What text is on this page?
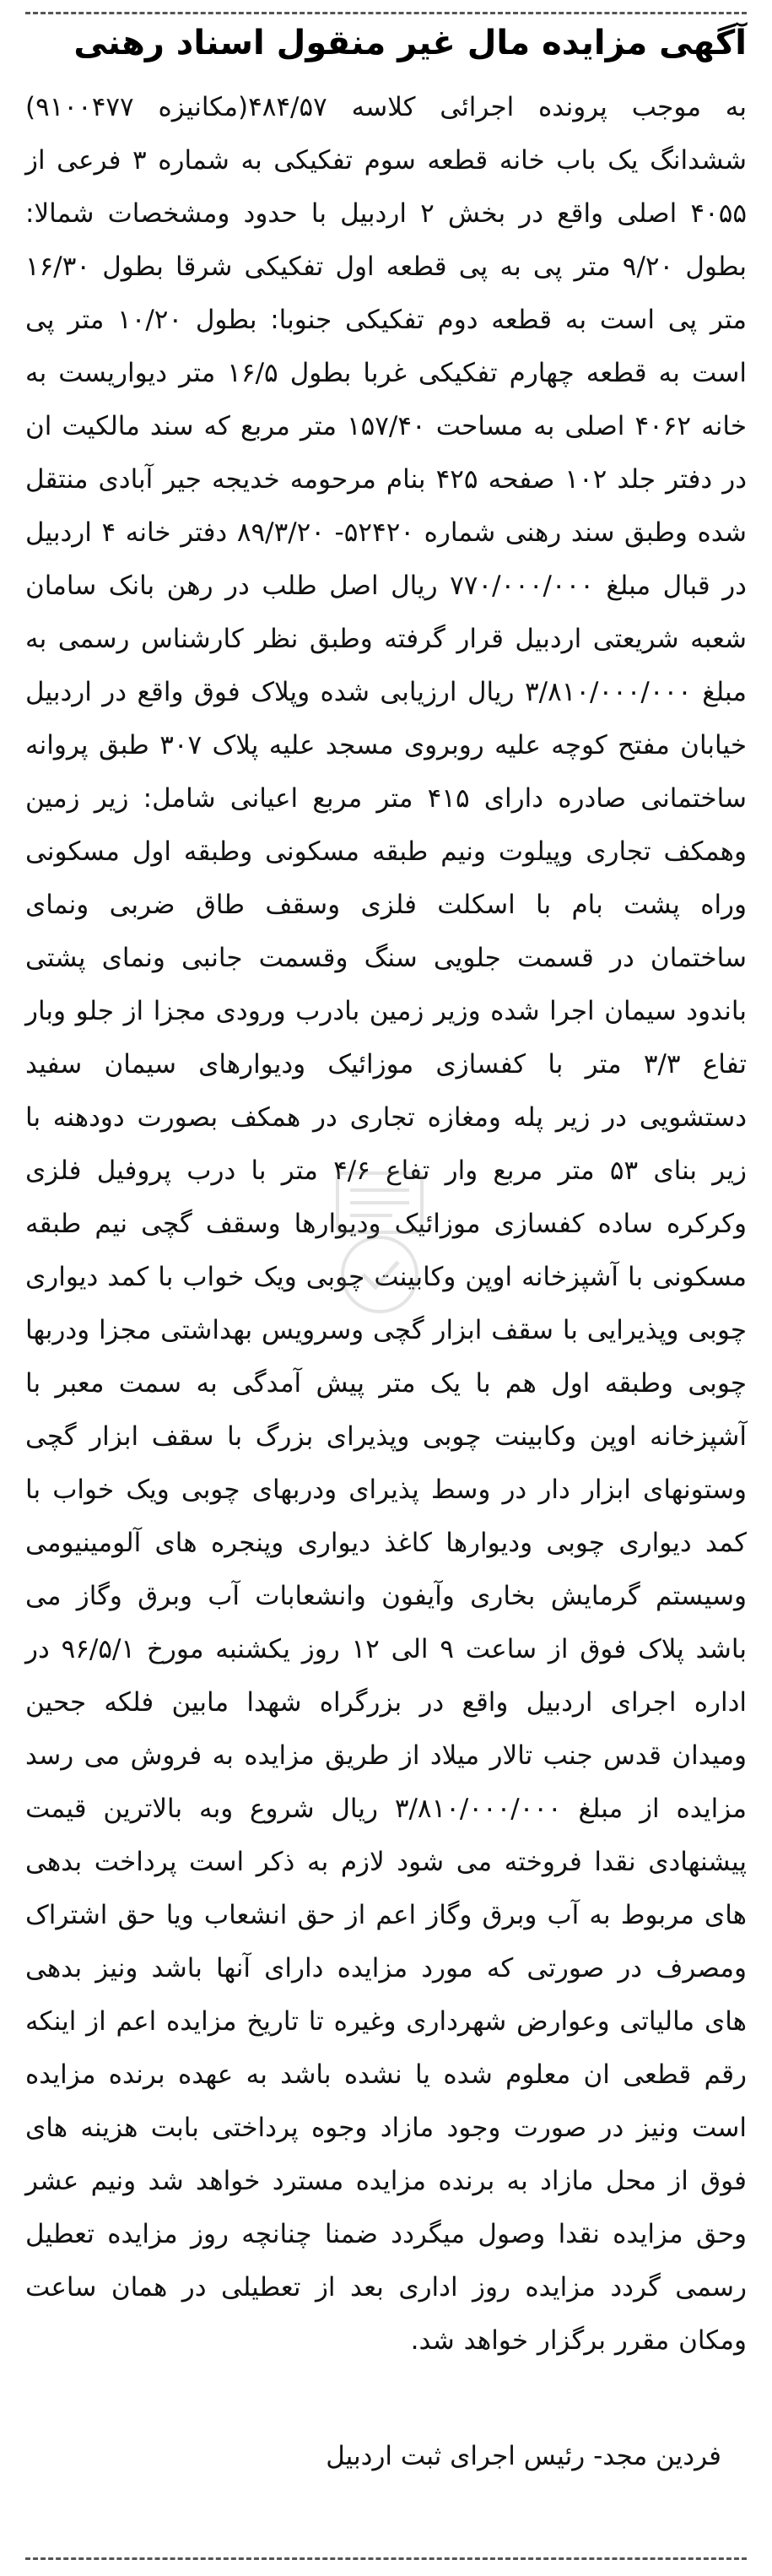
آگهی مزایده مال غیر منقول اسناد رهنی
به موجب پرونده اجرائی کلاسه ۴۸۴/۵۷(مکانیزه ۹۱۰۰۴۷۷) ششدانگ یک باب خانه قطعه سوم تفکیکی به شماره ۳ فرعی از ۴۰۵۵ اصلی واقع در بخش ۲ اردبیل با حدود ومشخصات شمالا: بطول ۹/۲۰ متر پی به پی قطعه اول تفکیکی شرقا بطول ۱۶/۳۰ متر پی است به قطعه دوم تفکیکی جنوبا: بطول ۱۰/۲۰ متر پی است به قطعه چهارم تفکیکی غربا بطول ۱۶/۵ متر دیواریست به خانه ۴۰۶۲ اصلی به مساحت ۱۵۷/۴۰ متر مربع که سند مالکیت ان در دفتر جلد ۱۰۲ صفحه ۴۲۵ بنام مرحومه خدیجه جیر آبادی منتقل شده وطبق سند رهنی شماره ۵۲۴۲۰- ۸۹/۳/۲۰ دفتر خانه ۴ اردبیل در قبال مبلغ ۷۷۰/۰۰۰/۰۰۰ ریال اصل طلب در رهن بانک سامان شعبه شریعتی اردبیل قرار گرفته وطبق نظر کارشناس رسمی به مبلغ ۳/۸۱۰/۰۰۰/۰۰۰ ریال ارزیابی شده وپلاک فوق واقع در اردبیل خیابان مفتح کوچه علیه روبروی مسجد علیه پلاک ۳۰۷ طبق پروانه ساختمانی صادره دارای ۴۱۵ متر مربع اعیانی شامل: زیر زمین وهمکف تجاری وپیلوت ونیم طبقه مسکونی وطبقه اول مسکونی وراه پشت بام با اسکلت فلزی وسقف طاق ضربی ونمای ساختمان در قسمت جلویی سنگ وقسمت جانبی ونمای پشتی باندود سیمان اجرا شده وزیر زمین بادرب ورودی مجزا از جلو وبار تفاع ۳/۳ متر با کفسازی موزائیک ودیوارهای سیمان سفید دستشویی در زیر پله ومغازه تجاری در همکف بصورت دودهنه با زیر بنای ۵۳ متر مربع وار تفاع ۴/۶ متر با درب پروفیل فلزی وکرکره ساده کفسازی موزائیک ودیوارها وسقف گچی نیم طبقه مسکونی با آشپزخانه اوپن وکابینت چوبی ویک خواب با کمد دیواری چوبی وپذیرایی با سقف ابزار گچی وسرویس بهداشتی مجزا ودربها چوبی وطبقه اول هم با یک متر پیش آمدگی به سمت معبر با آشپزخانه اوپن وکابینت چوبی وپذیرای بزرگ با سقف ابزار گچی وستونهای ابزار دار در وسط پذیرای ودربهای چوبی ویک خواب با کمد دیواری چوبی ودیوارها کاغذ دیواری وپنجره های آلومینیومی وسیستم گرمایش بخاری وآیفون وانشعابات آب وبرق وگاز می باشد پلاک فوق از ساعت ۹ الی ۱۲ روز یکشنبه مورخ ۹۶/۵/۱ در اداره اجرای اردبیل واقع در بزرگراه شهدا مابین فلکه جحین ومیدان قدس جنب تالار میلاد از طریق مزایده به فروش می رسد مزایده از مبلغ ۳/۸۱۰/۰۰۰/۰۰۰ ریال شروع وبه بالاترین قیمت پیشنهادی نقدا فروخته می شود لازم به ذکر است پرداخت بدهی های مربوط به آب وبرق وگاز اعم از حق انشعاب ویا حق اشتراک ومصرف در صورتی که مورد مزایده دارای آنها باشد ونیز بدهی های مالیاتی وعوارض شهرداری وغیره تا تاریخ مزایده اعم از اینکه رقم قطعی ان معلوم شده یا نشده باشد به عهده برنده مزایده است ونیز در صورت وجود مازاد وجوه پرداختی بابت هزینه های فوق از محل مازاد به برنده مزایده مسترد خواهد شد ونیم عشر وحق مزایده نقدا وصول میگردد ضمنا چنانچه روز مزایده تعطیل رسمی گردد مزایده روز اداری بعد از تعطیلی در همان ساعت ومکان مقرر برگزار خواهد شد.
فردین مجد- رئیس اجرای ثبت اردبیل
